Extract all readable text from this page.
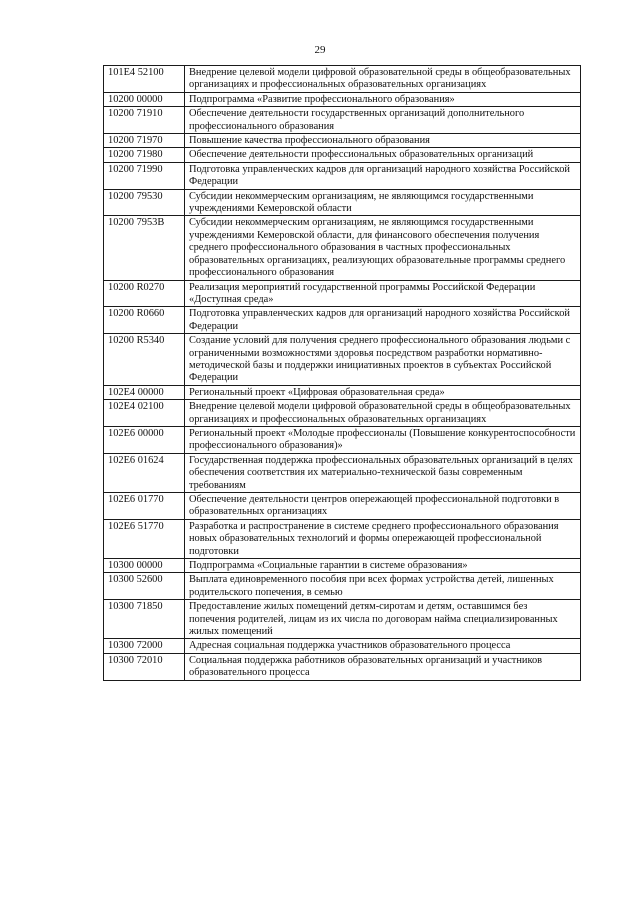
29
101E4 52100	Внедрение целевой модели цифровой образовательной среды в общеобразовательных организациях и профессиональных образовательных организациях
10200 00000	Подпрограмма «Развитие профессионального образования»
10200 71910	Обеспечение деятельности государственных организаций дополнительного профессионального образования
10200 71970	Повышение качества профессионального образования
10200 71980	Обеспечение деятельности профессиональных образовательных организаций
10200 71990	Подготовка управленческих кадров для организаций народного хозяйства Российской Федерации
10200 79530	Субсидии некоммерческим организациям, не являющимся государственными учреждениями Кемеровской области
10200 7953В	Субсидии некоммерческим организациям, не являющимся государственными учреждениями Кемеровской области, для финансового обеспечения получения среднего профессионального образования в частных профессиональных образовательных организациях, реализующих образовательные программы среднего профессионального образования
10200 R0270	Реализация мероприятий государственной программы Российской Федерации «Доступная среда»
10200 R0660	Подготовка управленческих кадров для организаций народного хозяйства Российской Федерации
10200 R5340	Создание условий для получения среднего профессионального образования людьми с ограниченными возможностями здоровья посредством разработки нормативно-методической базы и поддержки инициативных проектов в субъектах Российской Федерации
102E4 00000	Региональный проект «Цифровая образовательная среда»
102E4 02100	Внедрение целевой модели цифровой образовательной среды в общеобразовательных организациях и профессиональных образовательных организациях
102E6 00000	Региональный проект «Молодые профессионалы (Повышение конкурентоспособности профессионального образования)»
102E6 01624	Государственная поддержка профессиональных образовательных организаций в целях обеспечения соответствия их материально-технической базы современным требованиям
102E6 01770	Обеспечение деятельности центров опережающей профессиональной подготовки в образовательных организациях
102E6 51770	Разработка и распространение в системе среднего профессионального образования новых образовательных технологий и формы опережающей профессиональной подготовки
10300 00000	Подпрограмма «Социальные гарантии в системе образования»
10300 52600	Выплата единовременного пособия при всех формах устройства детей, лишенных родительского попечения, в семью
10300 71850	Предоставление жилых помещений детям-сиротам и детям, оставшимся без попечения родителей, лицам из их числа по договорам найма специализированных жилых помещений
10300 72000	Адресная социальная поддержка участников образовательного процесса
10300 72010	Социальная поддержка работников образовательных организаций и участников образовательного процесса
